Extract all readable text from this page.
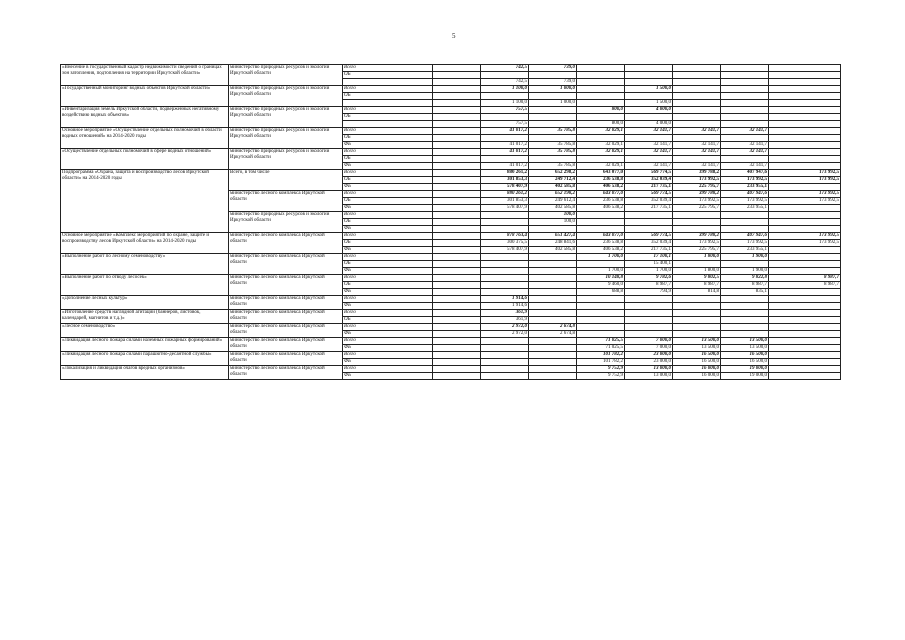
5
«Внесение в государственный кадастр недвижимости сведений о границах зон затопления, подтопления на территории Иркутской области»	министерство природных ресурсов и экологии Иркутской области	Всего		742,5	739,0					
		ОБ								
				742,5	739,0					
«Государственный мониторинг водных объектов Иркутской области»	министерство природных ресурсов и экологии Иркутской области	Всего		1 100,0	1 000,0		1 500,0			
		ОБ								
				1 100,0	1 000,0		1 500,0			
«Инвентаризация земель Иркутской области, подверженных негативному воздействию водных объектов»	министерство природных ресурсов и экологии Иркутской области	Всего		757,5		800,0	4 000,0			
		ОБ								
				757,5		800,0	4 000,0			
Основное мероприятие «Осуществление отдельных полномочий в области водных отношений» на 2014-2020 годы	министерство природных ресурсов и экологии Иркутской области	Всего		41 017,2	35 785,8	32 029,1	32 141,7	32 141,7	32 141,7	
		ОБ								
		ФБ		41 017,2	35 785,8	32 029,1	32 141,7	32 141,7	32 141,7	
«Осуществление отдельных полномочий в сфере водных отношений»	министерство природных ресурсов и экологии Иркутской области	Всего		41 017,2	35 785,8	32 029,1	32 141,7	32 141,7	32 141,7	
		ОБ								
		ФБ		41 017,2	35 785,8	32 029,1	32 141,7	32 141,7	32 141,7	
Подпрограмма «Охрана, защита и воспроизводство лесов Иркутской области» на 2014-2020 годы	Всего, в том числе	Всего		880 261,2	652 298,2	643 077,0	569 774,5	399 788,2	407 947,6	173 992,5
		ОБ		301 853,3	249 712,4	236 538,8	352 039,4	173 992,5	173 992,5	173 992,5
		ФБ		578 407,9	402 585,8	406 538,2	217 735,1	225 795,7	233 955,1	
	министерство лесного комплекса Иркутской области	Всего		880 261,2	652 198,2	643 077,0	569 774,5	399 788,2	407 947,6	173 992,5
		ОБ		301 853,3	249 612,4	236 538,8	352 039,4	173 992,5	173 992,5	173 992,5
		ФБ		578 407,9	402 585,8	406 538,2	217 735,1	225 795,7	233 955,1	
	министерство природных ресурсов и экологии Иркутской области	Всего			100,0					
		ОБ			100,0					
		ФБ								
Основное мероприятие «Комплекс мероприятий по охране, защите и воспроизводству лесов Иркутской области» на 2014-2020 годы	министерство лесного комплекса Иркутской области	Всего		878 763,4	651 427,4	643 077,0	569 774,5	399 788,2	407 947,6	173 992,5
		ОБ		300 375,5	248 841,6	236 538,8	352 039,4	173 992,5	173 992,5	173 992,5
		ФБ		578 407,9	402 585,8	406 538,2	217 735,1	225 795,7	233 955,1	
«Выполнение работ по лесному семеноводству»	министерство лесного комплекса Иркутской области	Всего				1 700,0	17 100,1	1 800,0	1 900,0	
		ОБ					15 400,1			
		ФБ				1 700,0	1 700,0	1 800,0	1 900,0	
«Выполнение работ по отводу лесосек»	министерство лесного комплекса Иркутской области	Всего				10 148,8	9 782,6	9 802,5	9 822,8	8 987,7
		ОБ				9 460,0	8 987,7	8 987,7	8 987,7	8 987,7
		ФБ				688,8	794,9	814,8	835,1	
«Дополнение лесных культур»	министерство лесного комплекса Иркутской области	Всего		1 914,6						
		ФБ		1 914,6						
«Изготовление средств наглядной агитации (баннеров, листовок, календарей, магнитов и т.д.)»	министерство лесного комплекса Иркутской области	Всего		361,9						
		ОБ		361,9						
«Лесное семеноводство»	министерство лесного комплекса Иркутской области	Всего		2 972,0	2 674,8					
		ФБ		2 972,0	2 674,8					
«Ликвидация лесного пожара силами наземных пожарных формирований»	министерство лесного комплекса Иркутской области	Всего				71 025,5	7 000,0	13 500,0	13 500,0	
		ФБ				71 025,5	7 000,0	13 500,0	13 500,0	
«Ликвидация лесного пожара силами парашютно-десантной службы»	министерство лесного комплекса Иркутской области	Всего				101 782,2	23 000,0	16 500,0	16 500,0	
		ФБ				101 782,2	23 000,0	16 500,0	16 500,0	
«Локализация и ликвидация очагов вредных организмов»	министерство лесного комплекса Иркутской области	Всего				9 752,9	13 000,0	16 000,0	19 000,0	
		ФБ				9 752,9	13 000,0	16 000,0	19 000,0	
